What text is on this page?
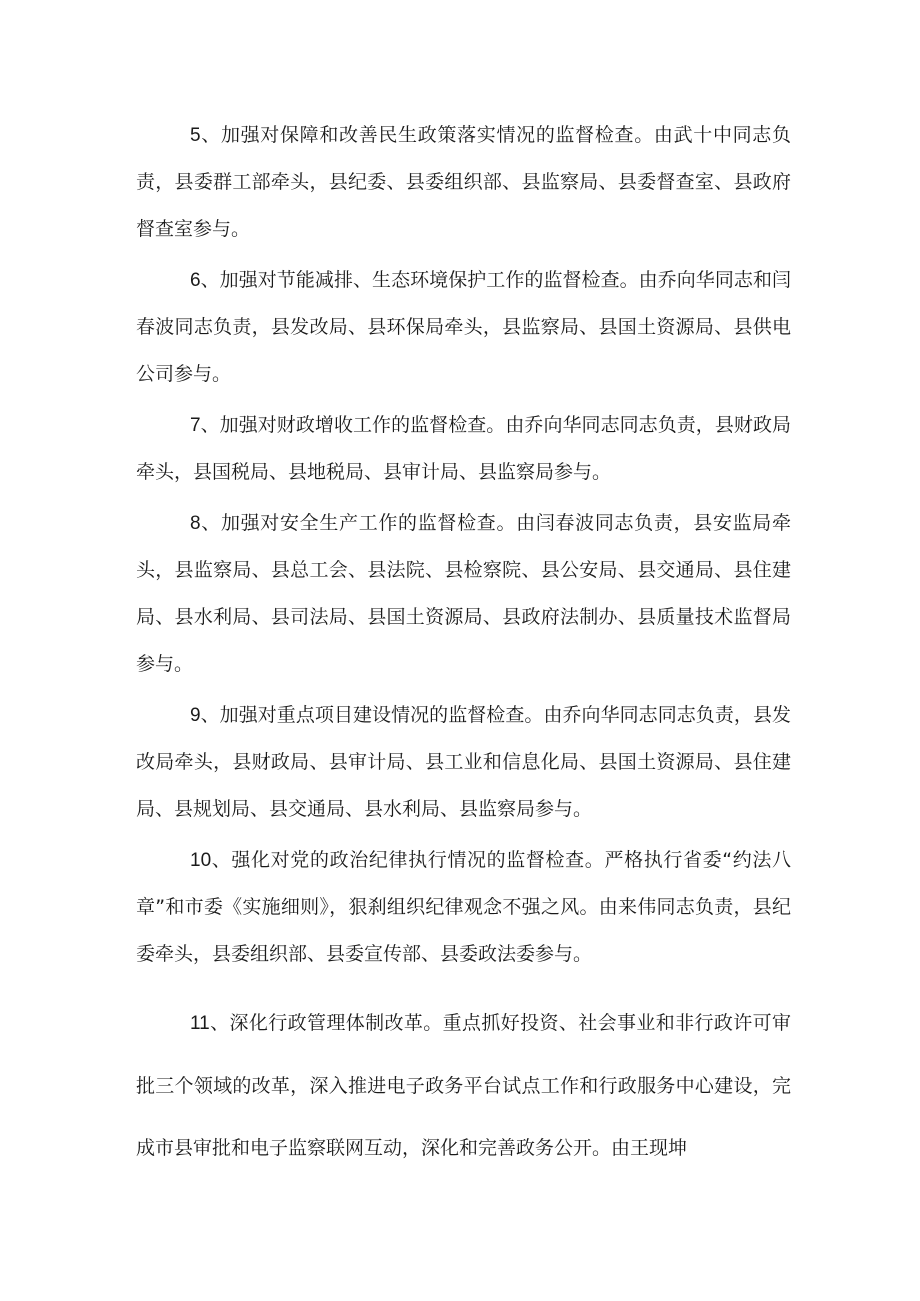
5、加强对保障和改善民生政策落实情况的监督检查。由武十中同志负责，县委群工部牵头，县纪委、县委组织部、县监察局、县委督查室、县政府督查室参与。

6、加强对节能减排、生态环境保护工作的监督检查。由乔向华同志和闫春波同志负责，县发改局、县环保局牵头，县监察局、县国土资源局、县供电公司参与。

7、加强对财政增收工作的监督检查。由乔向华同志同志负责，县财政局牵头，县国税局、县地税局、县审计局、县监察局参与。

8、加强对安全生产工作的监督检查。由闫春波同志负责，县安监局牵头，县监察局、县总工会、县法院、县检察院、县公安局、县交通局、县住建局、县水利局、县司法局、县国土资源局、县政府法制办、县质量技术监督局参与。

9、加强对重点项目建设情况的监督检查。由乔向华同志同志负责，县发改局牵头，县财政局、县审计局、县工业和信息化局、县国土资源局、县住建局、县规划局、县交通局、县水利局、县监察局参与。

10、强化对党的政治纪律执行情况的监督检查。严格执行省委“约法八章”和市委《实施细则》，狠刹组织纪律观念不强之风。由来伟同志负责，县纪委牵头，县委组织部、县委宣传部、县委政法委参与。

11、深化行政管理体制改革。重点抓好投资、社会事业和非行政许可审批三个领域的改革，深入推进电子政务平台试点工作和行政服务中心建设，完成市县审批和电子监察联网互动，深化和完善政务公开。由王现坤
